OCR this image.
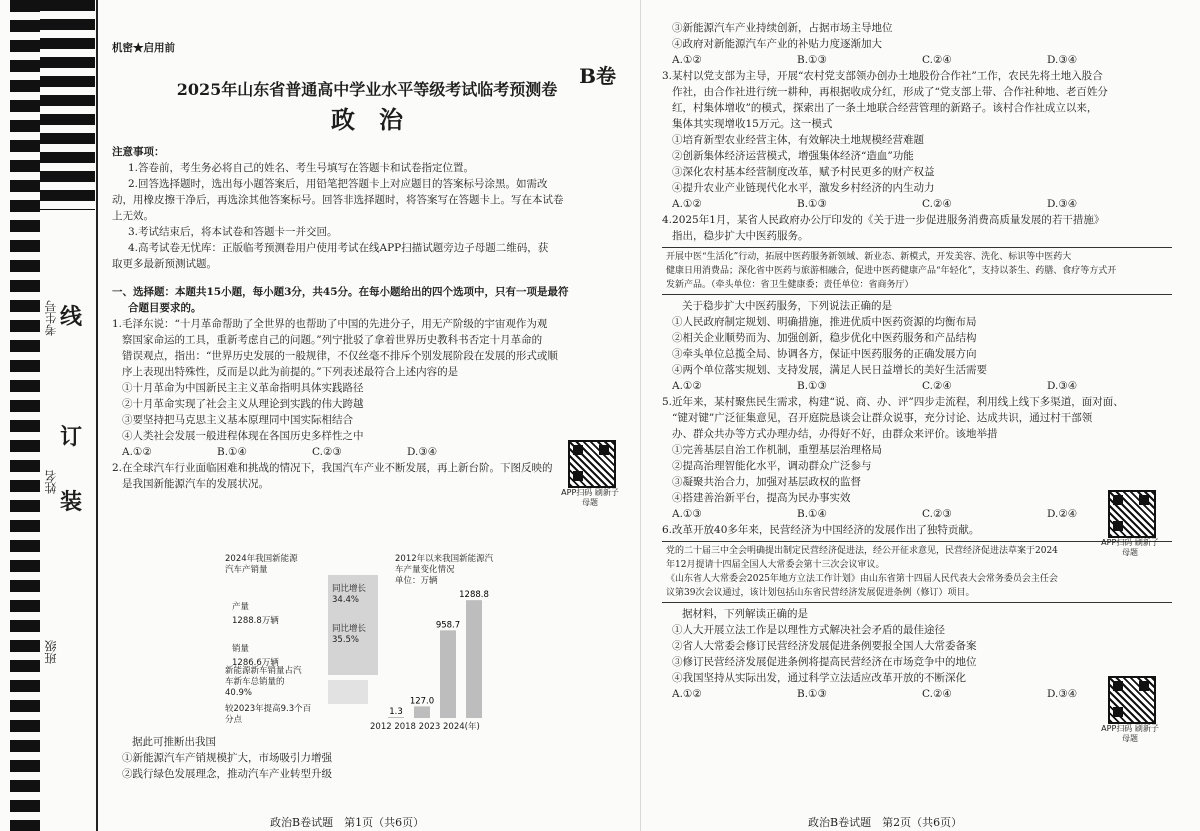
考生号
姓名
班级
线
订
装
机密★启用前
B卷
2025年山东省普通高中学业水平等级考试临考预测卷
政　治
注意事项：
1.答卷前，考生务必将自己的姓名、考生号填写在答题卡和试卷指定位置。
2.回答选择题时，选出每小题答案后，用铅笔把答题卡上对应题目的答案标号涂黑。如需改
动，用橡皮擦干净后，再选涂其他答案标号。回答非选择题时，将答案写在答题卡上。写在本试卷
上无效。
3.考试结束后，将本试卷和答题卡一并交回。
4.高考试卷无忧库：正版临考预测卷用户使用考试在线APP扫描试题旁边子母题二维码，获
取更多最新预测试题。
一、选择题：本题共15小题，每小题3分，共45分。在每小题给出的四个选项中，只有一项是最符
合题目要求的。
1.毛泽东说：“十月革命帮助了全世界的也帮助了中国的先进分子，用无产阶级的宇宙观作为观
察国家命运的工具，重新考虑自己的问题。”列宁批驳了拿着世界历史教科书否定十月革命的
错误观点，指出：“世界历史发展的一般规律，不仅丝毫不排斥个别发展阶段在发展的形式或顺
序上表现出特殊性，反而是以此为前提的。”下列表述最符合上述内容的是
①十月革命为中国新民主主义革命指明具体实践路径
②十月革命实现了社会主义从理论到实践的伟大跨越
③要坚持把马克思主义基本原理同中国实际相结合
④人类社会发展一般进程体现在各国历史多样性之中
A.①②	B.①④	C.②③	D.③④
2.在全球汽车行业面临困难和挑战的情况下，我国汽车产业不断发展，再上新台阶。下图反映的
是我国新能源汽车的发展状况。
APP扫码 刷新子母题
2024年我国新能源汽车产销量
产量
1288.8万辆
销量
1286.6万辆
同比增长34.4%
同比增长35.5%
新能源新车销量占汽车新车总销量的40.9%
较2023年提高9.3个百分点
2012年以来我国新能源汽车产量变化情况
单位：万辆
1.3
127.0
958.7
1288.8
2012 2018 2023 2024(年)
据此可推断出我国
①新能源汽车产销规模扩大，市场吸引力增强
②践行绿色发展理念，推动汽车产业转型升级
政治B卷试题　第1页（共6页）
③新能源汽车产业持续创新，占据市场主导地位
④政府对新能源汽车产业的补贴力度逐渐加大
A.①②	B.①③	C.②④	D.③④
3.某村以党支部为主导，开展“农村党支部领办创办土地股份合作社”工作，农民先将土地入股合
作社，由合作社进行统一耕种，再根据收成分红，形成了“党支部上带、合作社种地、老百姓分
红，村集体增收”的模式，探索出了一条土地联合经营管理的新路子。该村合作社成立以来，
集体其实现增收15万元。这一模式
①培育新型农业经营主体，有效解决土地规模经营难题
②创新集体经济运营模式，增强集体经济“造血”功能
③深化农村基本经营制度改革，赋予村民更多的财产权益
④提升农业产业链现代化水平，激发乡村经济的内生动力
A.①②	B.①③	C.②④	D.③④
4.2025年1月，某省人民政府办公厅印发的《关于进一步促进服务消费高质量发展的若干措施》
指出，稳步扩大中医药服务。
开展中医“生活化”行动，拓展中医药服务新领域、新业态、新模式，开发美容、洗化、标识等中医药大
健康日用消费品；深化省中医药与旅游相融合，促进中医药健康产品“年轻化”，支持以茶生、药膳、食疗等方式开
发新产品。（牵头单位：省卫生健康委；责任单位：省商务厅）
关于稳步扩大中医药服务，下列说法正确的是
①人民政府制定规划、明确措施，推进优质中医药资源的均衡布局
②相关企业顺势而为、加强创新，稳步优化中医药服务和产品结构
③牵头单位总揽全局、协调各方，保证中医药服务的正确发展方向
④两个单位落实规划、支持发展，满足人民日益增长的美好生活需要
A.①②	B.①③	C.②④	D.③④
5.近年来，某村聚焦民生需求，构建“说、商、办、评”四步走流程，利用线上线下多渠道，面对面、
“键对键”广泛征集意见，召开庭院恳谈会让群众说事，充分讨论、达成共识，通过村干部领
办、群众共办等方式办理办结，办得好不好，由群众来评价。该地举措
①完善基层自治工作机制，重塑基层治理格局
②提高治理智能化水平，调动群众广泛参与
③凝聚共治合力，加强对基层政权的监督
④搭建善治新平台，提高为民办事实效
A.①③	B.①④	C.②③	D.②④
6.改革开放40多年来，民营经济为中国经济的发展作出了独特贡献。
党的二十届三中全会明确提出制定民营经济促进法，经公开征求意见，民营经济促进法草案于2024
年12月提请十四届全国人大常委会第十三次会议审议。
《山东省人大常委会2025年地方立法工作计划》由山东省第十四届人民代表大会常务委员会主任会
议第39次会议通过，该计划包括山东省民营经济发展促进条例（修订）项目。
据材料，下列解读正确的是
①人大开展立法工作是以理性方式解决社会矛盾的最佳途径
②省人大常委会修订民营经济发展促进条例要报全国人大常委备案
③修订民营经济发展促进条例将提高民营经济在市场竞争中的地位
④我国坚持从实际出发，通过科学立法适应改革开放的不断深化
A.①②	B.①③	C.②④	D.③④
APP扫码 刷新子母题
APP扫码 刷新子母题
政治B卷试题　第2页（共6页）
